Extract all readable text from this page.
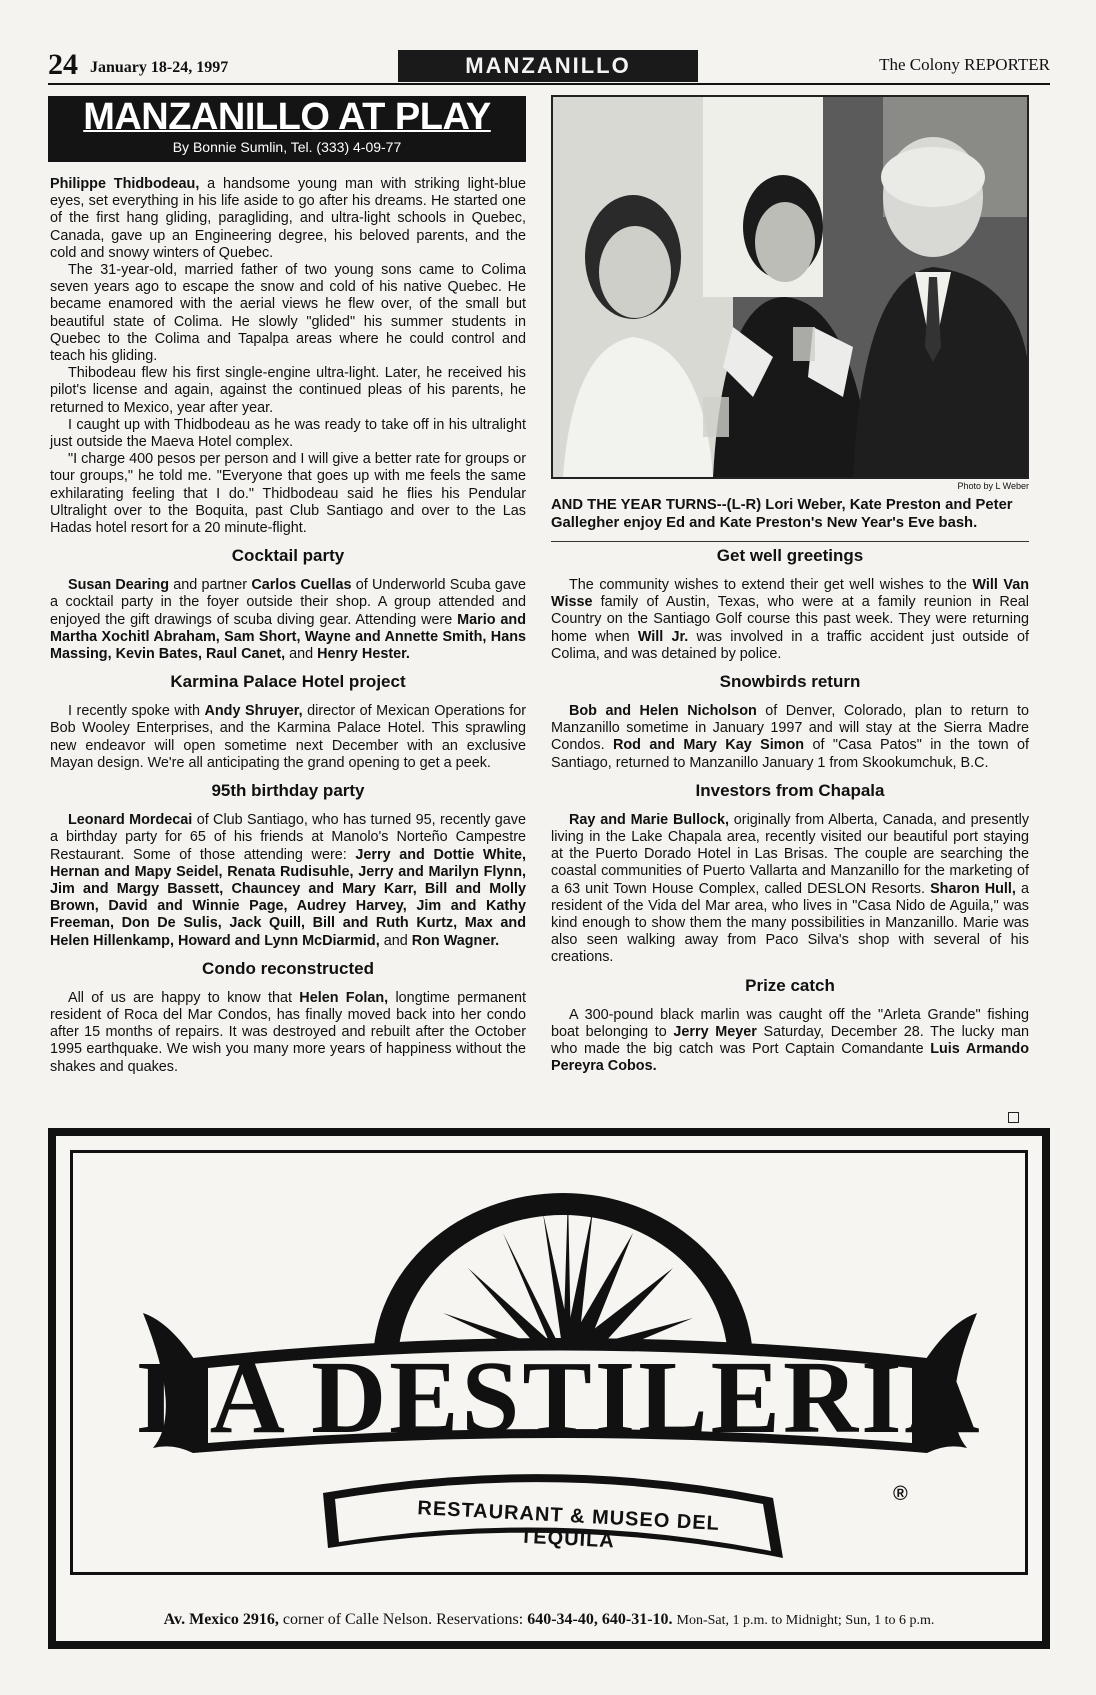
24 January 18-24, 1997	MANZANILLO	The Colony REPORTER
MANZANILLO AT PLAY
By Bonnie Sumlin, Tel. (333) 4-09-77

Philippe Thidbodeau, a handsome young man with striking light-blue eyes, set everything in his life aside to go after his dreams. He started one of the first hang gliding, paragliding, and ultra-light schools in Quebec, Canada, gave up an Engineering degree, his beloved parents, and the cold and snowy winters of Quebec.

The 31-year-old, married father of two young sons came to Colima seven years ago to escape the snow and cold of his native Quebec. He became enamored with the aerial views he flew over, of the small but beautiful state of Colima. He slowly "glided" his summer students in Quebec to the Colima and Tapalpa areas where he could control and teach his gliding.

Thibodeau flew his first single-engine ultra-light. Later, he received his pilot's license and again, against the continued pleas of his parents, he returned to Mexico, year after year.

I caught up with Thidbodeau as he was ready to take off in his ultralight just outside the Maeva Hotel complex.

"I charge 400 pesos per person and I will give a better rate for groups or tour groups," he told me. "Everyone that goes up with me feels the same exhilarating feeling that I do." Thidbodeau said he flies his Pendular Ultralight over to the Boquita, past Club Santiago and over to the Las Hadas hotel resort for a 20 minute-flight.

Cocktail party

Susan Dearing and partner Carlos Cuellas of Underworld Scuba gave a cocktail party in the foyer outside their shop. A group attended and enjoyed the gift drawings of scuba diving gear. Attending were Mario and Martha Xochitl Abraham, Sam Short, Wayne and Annette Smith, Hans Massing, Kevin Bates, Raul Canet, and Henry Hester.

Karmina Palace Hotel project

I recently spoke with Andy Shruyer, director of Mexican Operations for Bob Wooley Enterprises, and the Karmina Palace Hotel. This sprawling new endeavor will open sometime next December with an exclusive Mayan design. We're all anticipating the grand opening to get a peek.

95th birthday party

Leonard Mordecai of Club Santiago, who has turned 95, recently gave a birthday party for 65 of his friends at Manolo's Norteño Campestre Restaurant. Some of those attending were: Jerry and Dottie White, Hernan and Mapy Seidel, Renata Rudisuhle, Jerry and Marilyn Flynn, Jim and Margy Bassett, Chauncey and Mary Karr, Bill and Molly Brown, David and Winnie Page, Audrey Harvey, Jim and Kathy Freeman, Don De Sulis, Jack Quill, Bill and Ruth Kurtz, Max and Helen Hillenkamp, Howard and Lynn McDiarmid, and Ron Wagner.

Condo reconstructed

All of us are happy to know that Helen Folan, longtime permanent resident of Roca del Mar Condos, has finally moved back into her condo after 15 months of repairs. It was destroyed and rebuilt after the October 1995 earthquake. We wish you many more years of happiness without the shakes and quakes.

Photo by L Weber
AND THE YEAR TURNS--(L-R) Lori Weber, Kate Preston and Peter Gallegher enjoy Ed and Kate Preston's New Year's Eve bash.
Get well greetings

The community wishes to extend their get well wishes to the Will Van Wisse family of Austin, Texas, who were at a family reunion in Real Country on the Santiago Golf course this past week. They were returning home when Will Jr. was involved in a traffic accident just outside of Colima, and was detained by police.

Snowbirds return

Bob and Helen Nicholson of Denver, Colorado, plan to return to Manzanillo sometime in January 1997 and will stay at the Sierra Madre Condos. Rod and Mary Kay Simon of "Casa Patos" in the town of Santiago, returned to Manzanillo January 1 from Skookumchuk, B.C.

Investors from Chapala

Ray and Marie Bullock, originally from Alberta, Canada, and presently living in the Lake Chapala area, recently visited our beautiful port staying at the Puerto Dorado Hotel in Las Brisas. The couple are searching the coastal communities of Puerto Vallarta and Manzanillo for the marketing of a 63 unit Town House Complex, called DESLON Resorts. Sharon Hull, a resident of the Vida del Mar area, who lives in "Casa Nido de Aguila," was kind enough to show them the many possibilities in Manzanillo. Marie was also seen walking away from Paco Silva's shop with several of his creations.

Prize catch

A 300-pound black marlin was caught off the "Arleta Grande" fishing boat belonging to Jerry Meyer Saturday, December 28. The lucky man who made the big catch was Port Captain Comandante Luis Armando Pereyra Cobos.

LA DESTILERIA
RESTAURANT & MUSEO DEL TEQUILA
®
Av. Mexico 2916, corner of Calle Nelson. Reservations: 640-34-40, 640-31-10. Mon-Sat, 1 p.m. to Midnight; Sun, 1 to 6 p.m.
